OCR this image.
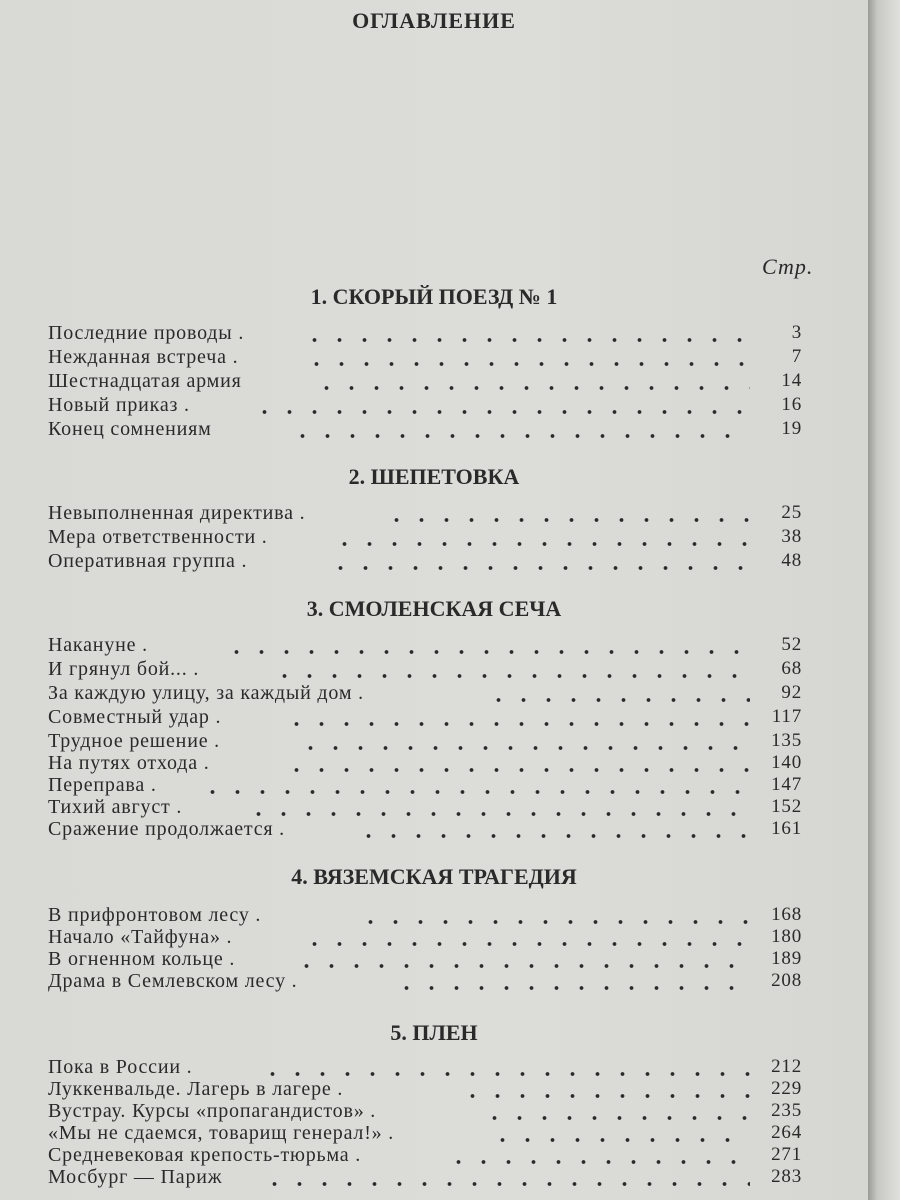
ОГЛАВЛЕНИЕ
Стр.
1. СКОРЫЙ ПОЕЗД № 1
Последние проводы .	3
Нежданная встреча .	7
Шестнадцатая армия	14
Новый приказ .	16
Конец сомнениям	19
2. ШЕПЕТОВКА
Невыполненная директива .	25
Мера ответственности .	38
Оперативная группа .	48
3. СМОЛЕНСКАЯ СЕЧА
Накануне .	52
И грянул бой... .	68
За каждую улицу, за каждый дом .	92
Совместный удар .	117
Трудное решение .	135
На путях отхода .	140
Переправа .	147
Тихий август .	152
Сражение продолжается .	161
4. ВЯЗЕМСКАЯ ТРАГЕДИЯ
В прифронтовом лесу .	168
Начало «Тайфуна» .	180
В огненном кольце .	189
Драма в Семлевском лесу .	208
5. ПЛЕН
Пока в России .	212
Луккенвальде. Лагерь в лагере .	229
Вустрау. Курсы «пропагандистов» .	235
«Мы не сдаемся, товарищ генерал!» .	264
Средневековая крепость-тюрьма .	271
Мосбург — Париж	283
